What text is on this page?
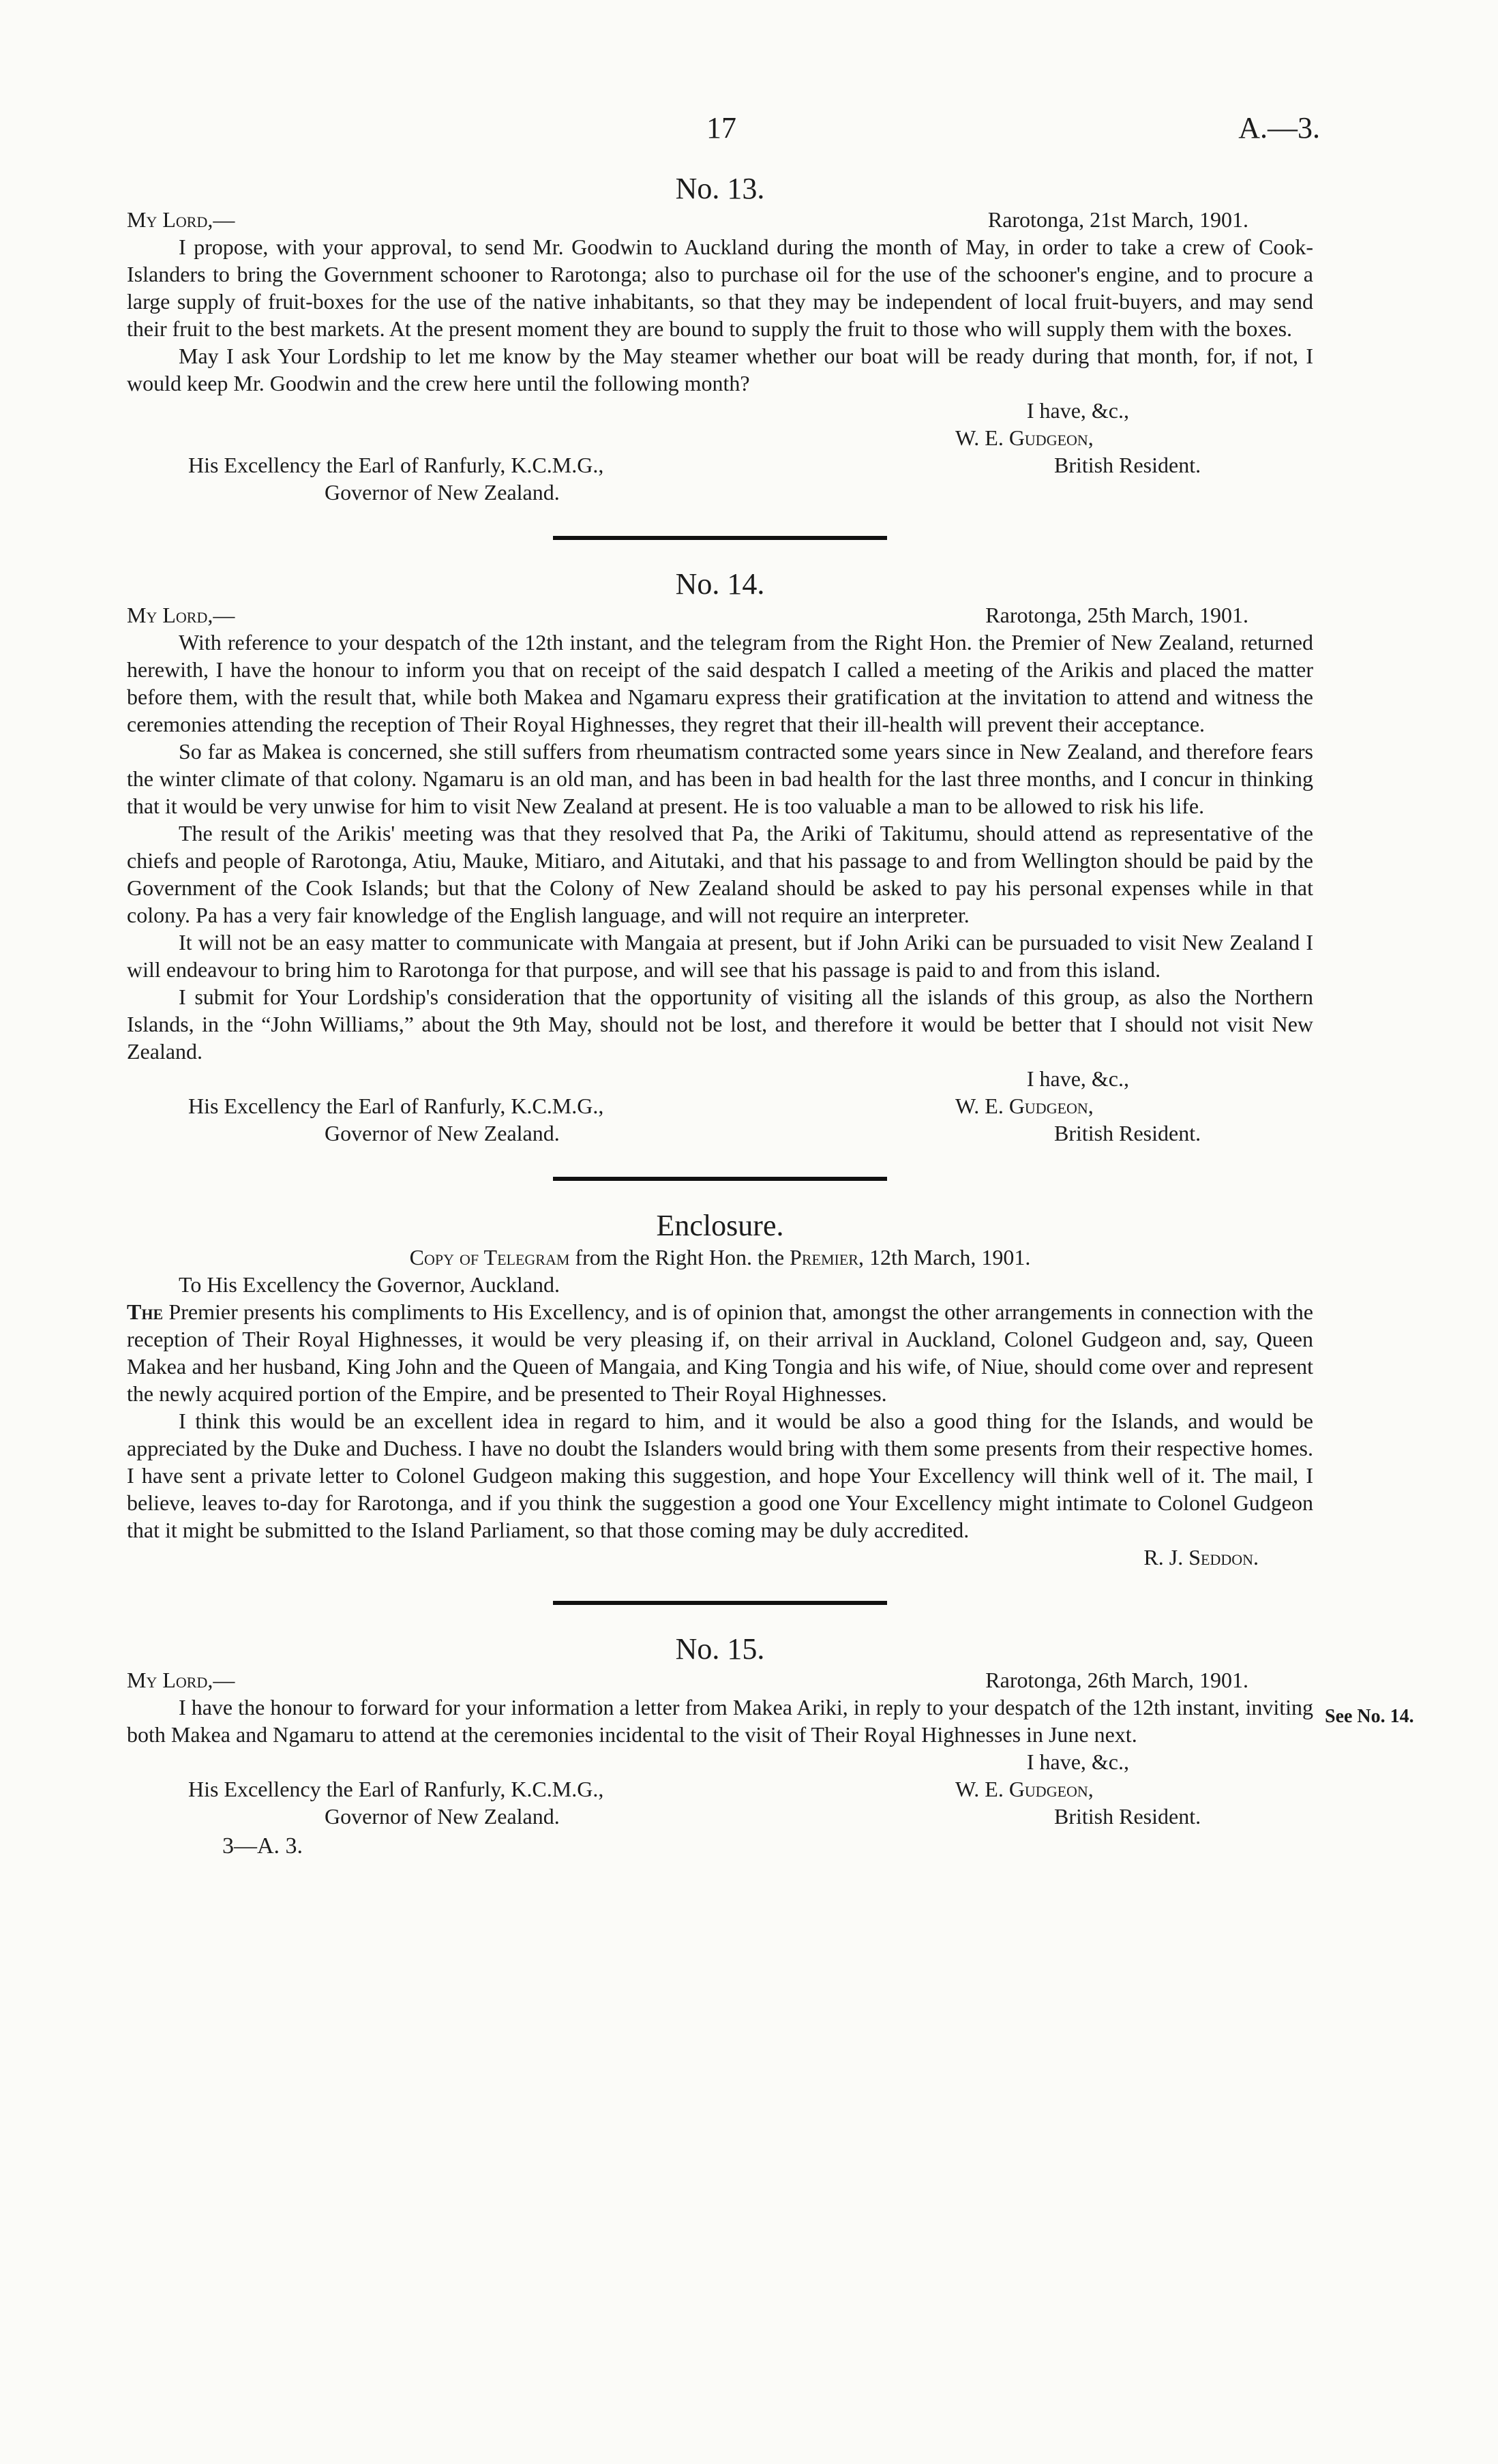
17	A.—3.
No. 13.
My Lord,—	Rarotonga, 21st March, 1901.

I propose, with your approval, to send Mr. Goodwin to Auckland during the month of May, in order to take a crew of Cook-Islanders to bring the Government schooner to Rarotonga; also to purchase oil for the use of the schooner's engine, and to procure a large supply of fruit-boxes for the use of the native inhabitants, so that they may be independent of local fruit-buyers, and may send their fruit to the best markets. At the present moment they are bound to supply the fruit to those who will supply them with the boxes.

May I ask Your Lordship to let me know by the May steamer whether our boat will be ready during that month, for, if not, I would keep Mr. Goodwin and the crew here until the following month?

I have, &c.,
W. E. Gudgeon,
His Excellency the Earl of Ranfurly, K.C.M.G.,	British Resident.
Governor of New Zealand.
No. 14.
My Lord,—	Rarotonga, 25th March, 1901.

With reference to your despatch of the 12th instant, and the telegram from the Right Hon. the Premier of New Zealand, returned herewith, I have the honour to inform you that on receipt of the said despatch I called a meeting of the Arikis and placed the matter before them, with the result that, while both Makea and Ngamaru express their gratification at the invitation to attend and witness the ceremonies attending the reception of Their Royal Highnesses, they regret that their ill-health will prevent their acceptance.

So far as Makea is concerned, she still suffers from rheumatism contracted some years since in New Zealand, and therefore fears the winter climate of that colony. Ngamaru is an old man, and has been in bad health for the last three months, and I concur in thinking that it would be very unwise for him to visit New Zealand at present. He is too valuable a man to be allowed to risk his life.

The result of the Arikis' meeting was that they resolved that Pa, the Ariki of Takitumu, should attend as representative of the chiefs and people of Rarotonga, Atiu, Mauke, Mitiaro, and Aitutaki, and that his passage to and from Wellington should be paid by the Government of the Cook Islands; but that the Colony of New Zealand should be asked to pay his personal expenses while in that colony. Pa has a very fair knowledge of the English language, and will not require an interpreter.

It will not be an easy matter to communicate with Mangaia at present, but if John Ariki can be pursuaded to visit New Zealand I will endeavour to bring him to Rarotonga for that purpose, and will see that his passage is paid to and from this island.

I submit for Your Lordship's consideration that the opportunity of visiting all the islands of this group, as also the Northern Islands, in the “John Williams,” about the 9th May, should not be lost, and therefore it would be better that I should not visit New Zealand.

I have, &c.,
His Excellency the Earl of Ranfurly, K.C.M.G.,	W. E. Gudgeon,
Governor of New Zealand.	British Resident.
Enclosure.
Copy of Telegram from the Right Hon. the Premier, 12th March, 1901.

To His Excellency the Governor, Auckland.

The Premier presents his compliments to His Excellency, and is of opinion that, amongst the other arrangements in connection with the reception of Their Royal Highnesses, it would be very pleasing if, on their arrival in Auckland, Colonel Gudgeon and, say, Queen Makea and her husband, King John and the Queen of Mangaia, and King Tongia and his wife, of Niue, should come over and represent the newly acquired portion of the Empire, and be presented to Their Royal Highnesses.

I think this would be an excellent idea in regard to him, and it would be also a good thing for the Islands, and would be appreciated by the Duke and Duchess. I have no doubt the Islanders would bring with them some presents from their respective homes. I have sent a private letter to Colonel Gudgeon making this suggestion, and hope Your Excellency will think well of it. The mail, I believe, leaves to-day for Rarotonga, and if you think the suggestion a good one Your Excellency might intimate to Colonel Gudgeon that it might be submitted to the Island Parliament, so that those coming may be duly accredited.

R. J. Seddon.
No. 15.
My Lord,—	Rarotonga, 26th March, 1901.
See No. 14.

I have the honour to forward for your information a letter from Makea Ariki, in reply to your despatch of the 12th instant, inviting both Makea and Ngamaru to attend at the ceremonies incidental to the visit of Their Royal Highnesses in June next.

I have, &c.,
His Excellency the Earl of Ranfurly, K.C.M.G.,	W. E. Gudgeon,
Governor of New Zealand.	British Resident.
3—A. 3.
